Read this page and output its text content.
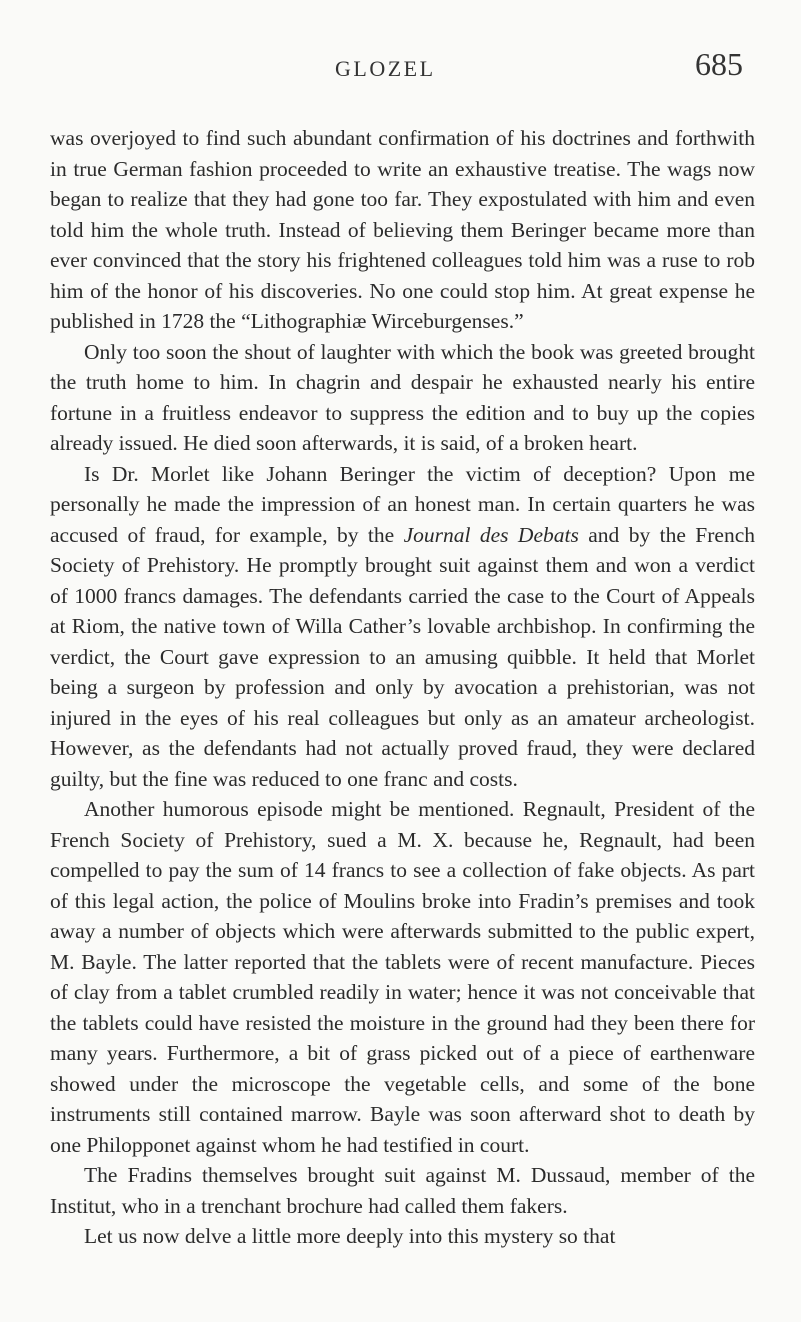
GLOZEL	685

was overjoyed to find such abundant confirmation of his doctrines and forthwith in true German fashion proceeded to write an exhaustive treatise. The wags now began to realize that they had gone too far. They expostulated with him and even told him the whole truth. Instead of believing them Beringer became more than ever convinced that the story his frightened colleagues told him was a ruse to rob him of the honor of his discoveries. No one could stop him. At great expense he published in 1728 the “Lithographiæ Wirceburgenses.”

Only too soon the shout of laughter with which the book was greeted brought the truth home to him. In chagrin and despair he exhausted nearly his entire fortune in a fruitless endeavor to suppress the edition and to buy up the copies already issued. He died soon afterwards, it is said, of a broken heart.

Is Dr. Morlet like Johann Beringer the victim of deception? Upon me personally he made the impression of an honest man. In certain quarters he was accused of fraud, for example, by the Journal des Debats and by the French Society of Prehistory. He promptly brought suit against them and won a verdict of 1000 francs damages. The defendants carried the case to the Court of Appeals at Riom, the native town of Willa Cather’s lovable archbishop. In confirming the verdict, the Court gave expression to an amusing quibble. It held that Morlet being a surgeon by profession and only by avocation a prehistorian, was not injured in the eyes of his real colleagues but only as an amateur archeologist. However, as the defendants had not actually proved fraud, they were declared guilty, but the fine was reduced to one franc and costs.

Another humorous episode might be mentioned. Regnault, President of the French Society of Prehistory, sued a M. X. because he, Regnault, had been compelled to pay the sum of 14 francs to see a collection of fake objects. As part of this legal action, the police of Moulins broke into Fradin’s premises and took away a number of objects which were afterwards submitted to the public expert, M. Bayle. The latter reported that the tablets were of recent manufacture. Pieces of clay from a tablet crumbled readily in water; hence it was not conceivable that the tablets could have resisted the moisture in the ground had they been there for many years. Furthermore, a bit of grass picked out of a piece of earthenware showed under the microscope the vegetable cells, and some of the bone instruments still contained marrow. Bayle was soon afterward shot to death by one Philopponet against whom he had testified in court.

The Fradins themselves brought suit against M. Dussaud, member of the Institut, who in a trenchant brochure had called them fakers.

Let us now delve a little more deeply into this mystery so that
